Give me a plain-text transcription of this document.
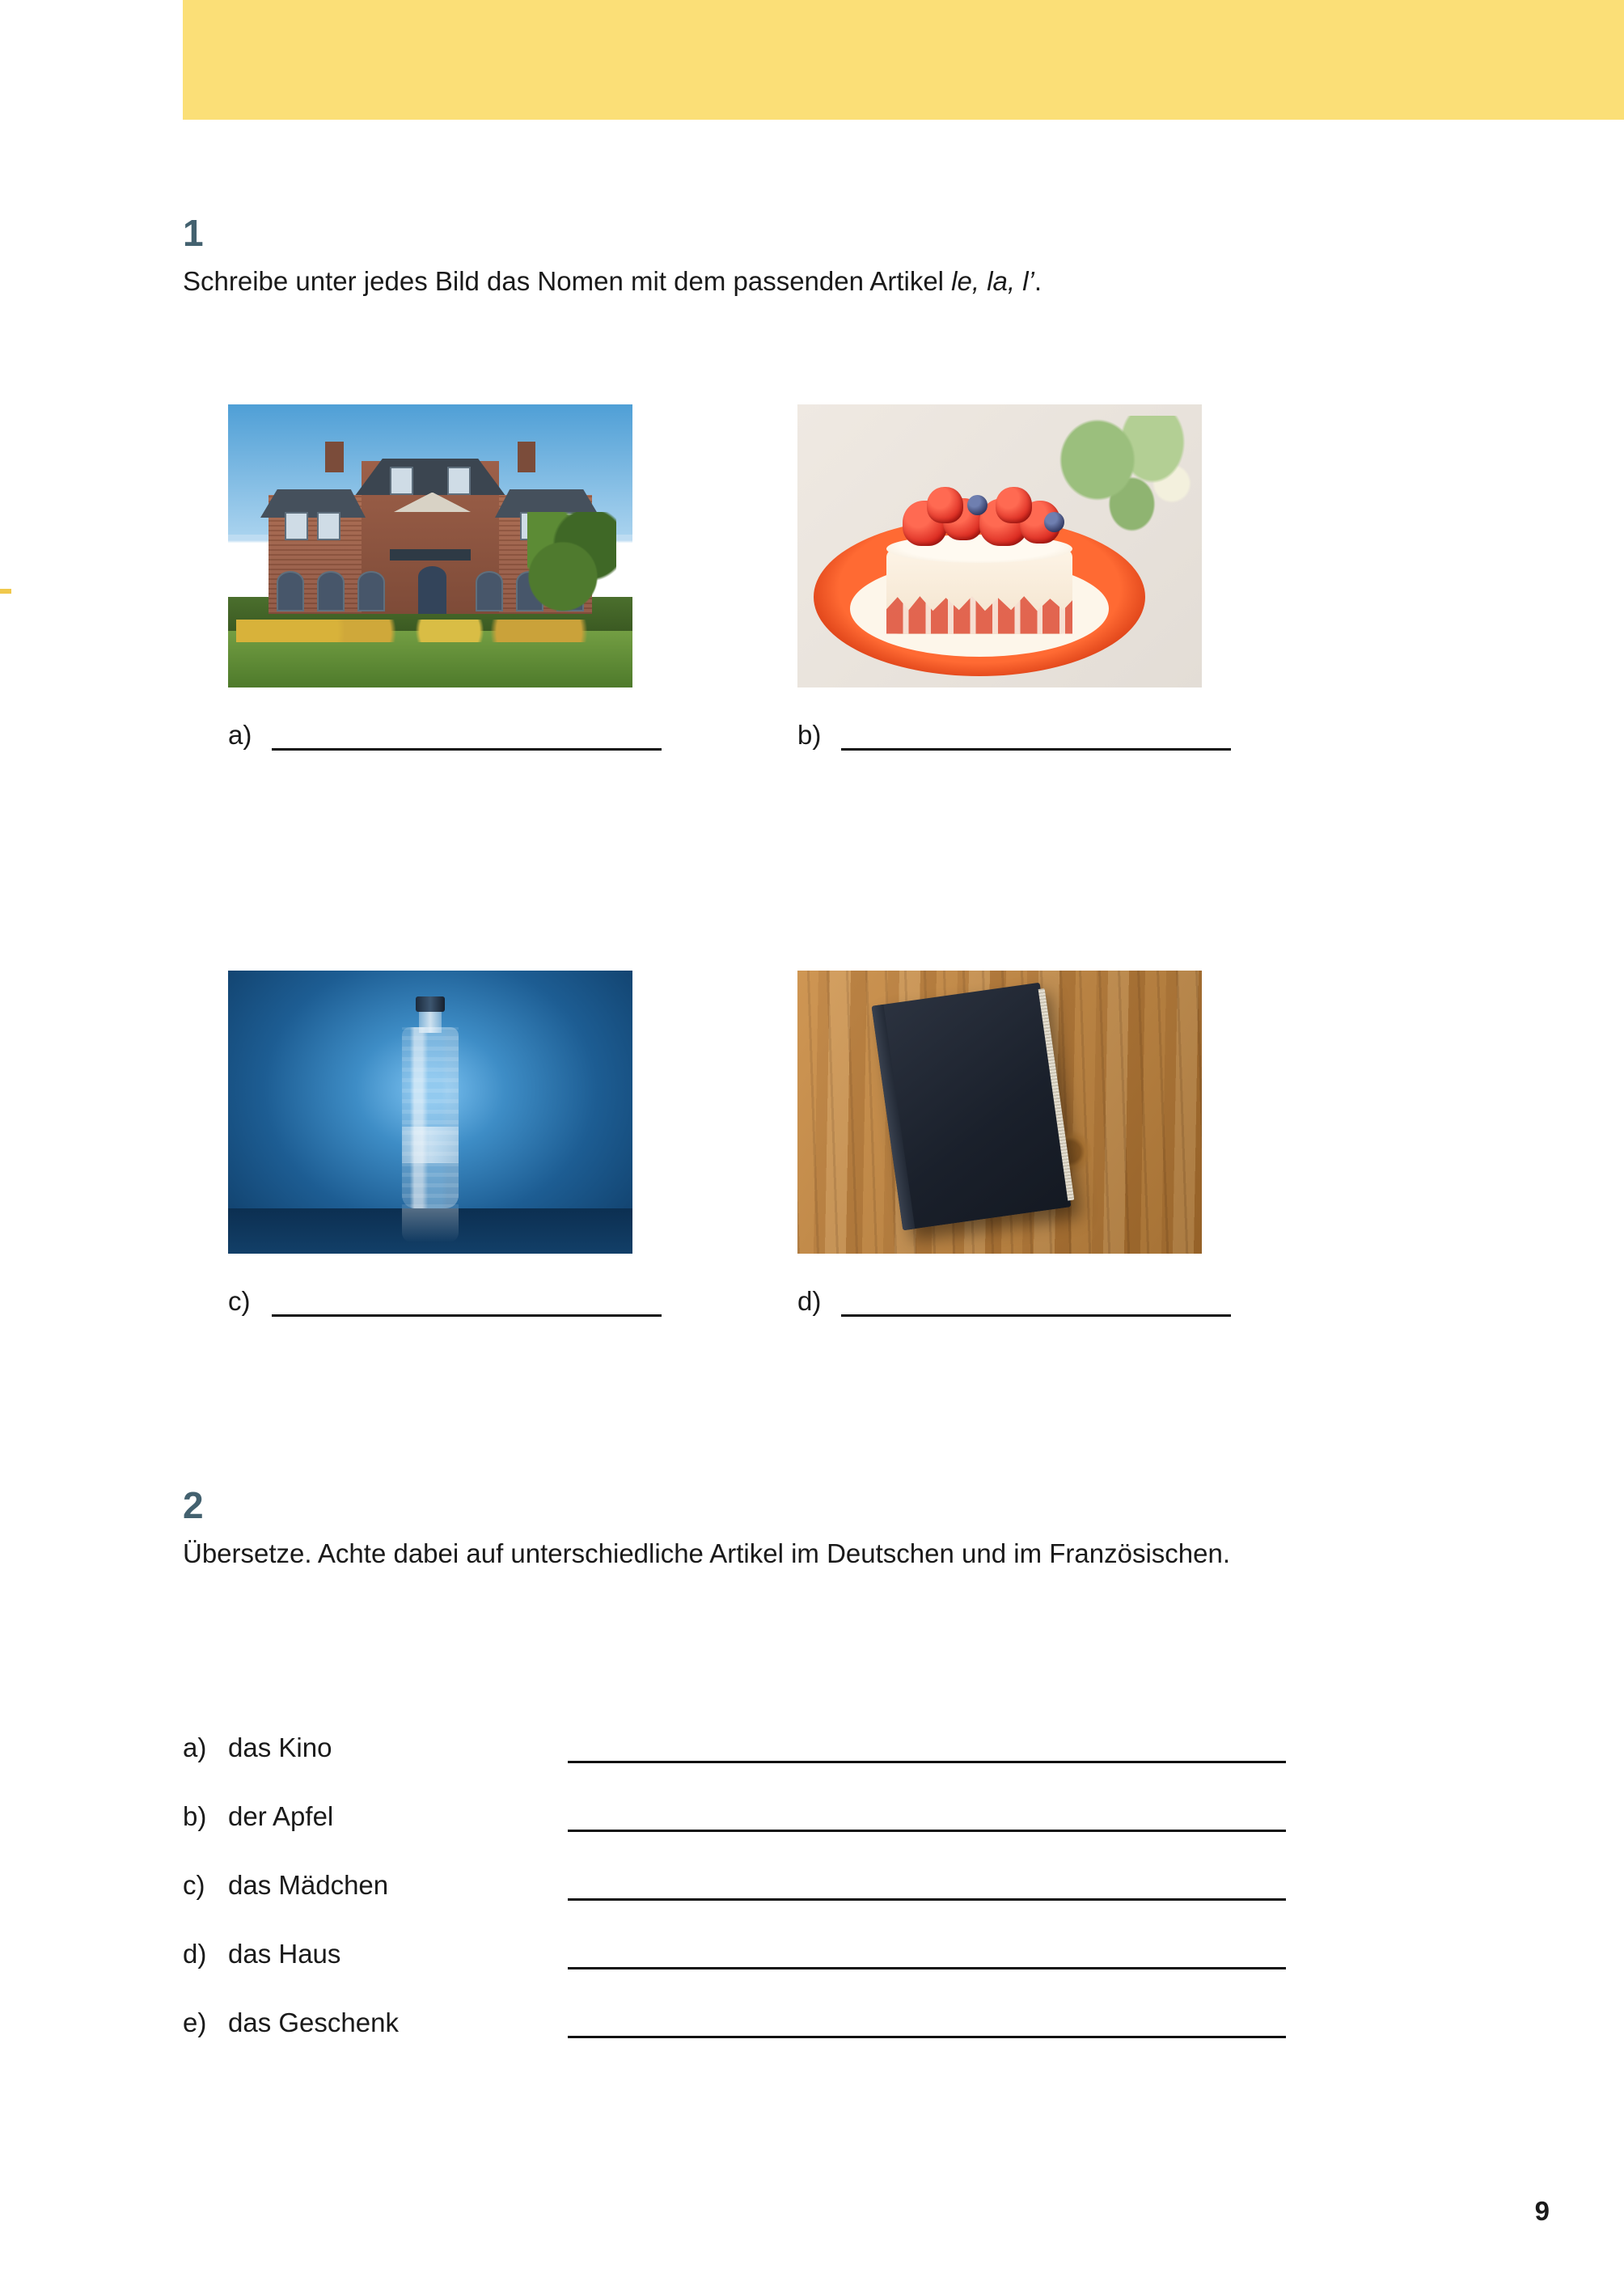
1

Schreibe unter jedes Bild das Nomen mit dem passenden Artikel le, la, l’.

a)	b)
c)	d)
2

Übersetze. Achte dabei auf unterschiedliche Artikel im Deutschen und im Französischen.

a) das Kino
b) der Apfel
c) das Mädchen
d) das Haus
e) das Geschenk
9
